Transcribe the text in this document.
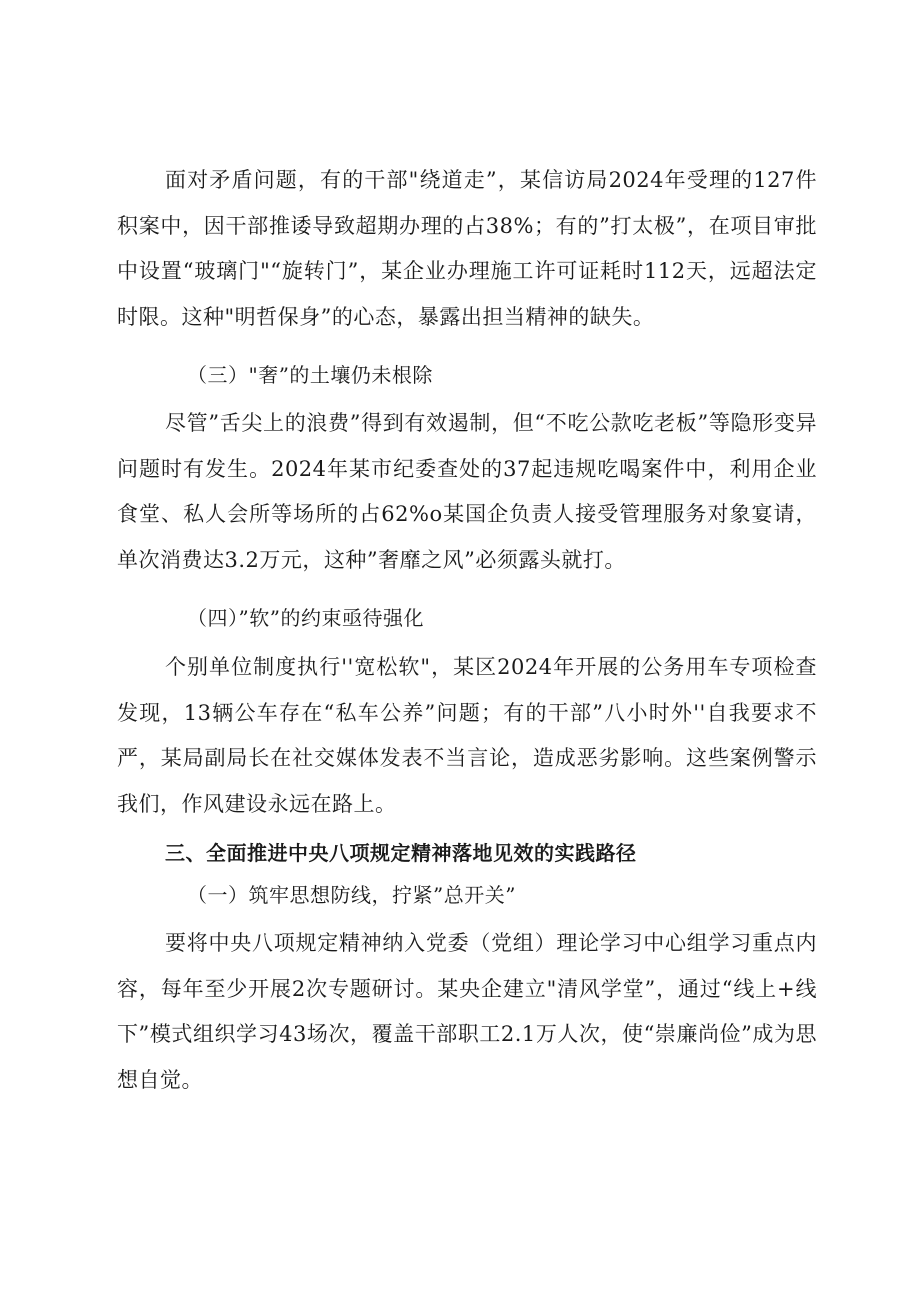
面对矛盾问题，有的干部"绕道走”，某信访局2024年受理的127件积案中，因干部推诿导致超期办理的占38%；有的”打太极”，在项目审批中设置“玻璃门"“旋转门”，某企业办理施工许可证耗时112天，远超法定时限。这种"明哲保身”的心态，暴露出担当精神的缺失。

（三）"奢”的土壤仍未根除

尽管”舌尖上的浪费”得到有效遏制，但“不吃公款吃老板”等隐形变异问题时有发生。2024年某市纪委查处的37起违规吃喝案件中，利用企业食堂、私人会所等场所的占62%o某国企负责人接受管理服务对象宴请，单次消费达3.2万元，这种”奢靡之风”必须露头就打。

（四）”软”的约束亟待强化

个别单位制度执行''宽松软"，某区2024年开展的公务用车专项检查发现，13辆公车存在“私车公养”问题；有的干部”八小时外''自我要求不严，某局副局长在社交媒体发表不当言论，造成恶劣影响。这些案例警示我们，作风建设永远在路上。

三、全面推进中央八项规定精神落地见效的实践路径

（一）筑牢思想防线，拧紧”总开关”

要将中央八项规定精神纳入党委（党组）理论学习中心组学习重点内容，每年至少开展2次专题研讨。某央企建立"清风学堂”，通过“线上+线下”模式组织学习43场次，覆盖干部职工2.1万人次，使“崇廉尚俭”成为思想自觉。
